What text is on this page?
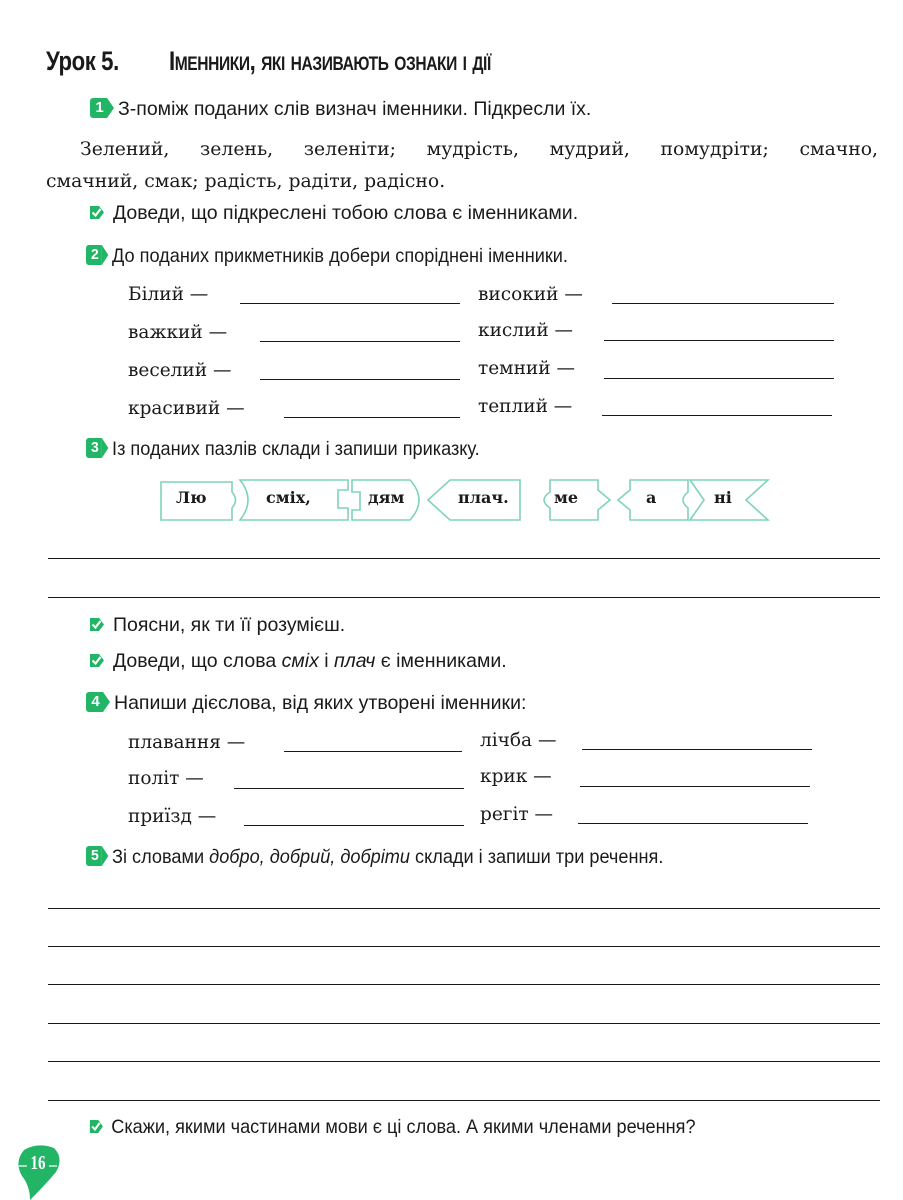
Урок 5. Іменники, які називають ознаки і дії
1 З-поміж поданих слів визнач іменники. Підкресли їх.
Зелений, зелень, зеленіти; мудрість, мудрий, помудріти; смачно,
смачний, смак; радість, радіти, радісно.
Доведи, що підкреслені тобою слова є іменниками.
2 До поданих прикметників добери споріднені іменники.
Білий —	високий —
важкий —	кислий —
веселий —	темний —
красивий —	теплий —
3 Із поданих пазлів склади і запиши приказку.
Лю	сміх,	дям	плач.	ме	а	ні
Поясни, як ти її розумієш.
Доведи, що слова сміх і плач є іменниками.
4 Напиши дієслова, від яких утворені іменники:
плавання —	лічба —
політ —	крик —
приїзд —	регіт —
5 Зі словами добро, добрий, добріти склади і запиши три речення.
Скажи, якими частинами мови є ці слова. А якими членами речення?
16
